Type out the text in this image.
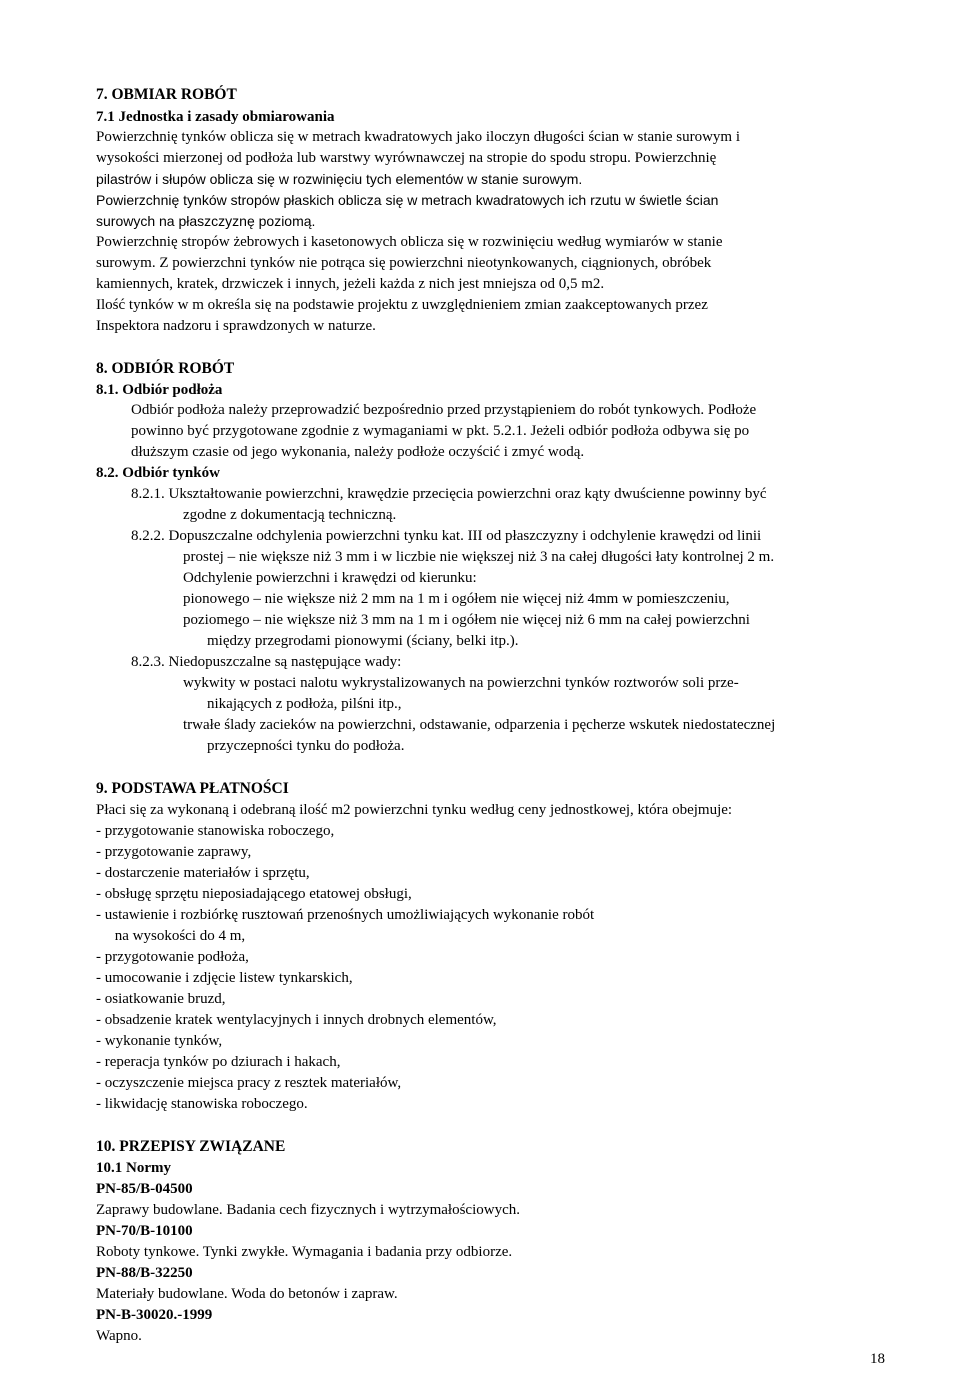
7. OBMIAR ROBÓT
7.1 Jednostka i zasady obmiarowania
Powierzchnię tynków oblicza się w metrach kwadratowych jako iloczyn długości ścian w stanie surowym i
wysokości mierzonej od podłoża lub warstwy wyrównawczej na stropie do spodu stropu. Powierzchnię
pilastrów i słupów oblicza się w rozwinięciu tych elementów w stanie surowym.
Powierzchnię tynków stropów płaskich oblicza się w metrach kwadratowych ich rzutu w świetle ścian
surowych na płaszczyznę poziomą.
Powierzchnię stropów żebrowych i kasetonowych oblicza się w rozwinięciu według wymiarów w stanie
surowym. Z powierzchni tynków nie potrąca się powierzchni nieotynkowanych, ciągnionych, obróbek
kamiennych, kratek, drzwiczek i innych, jeżeli każda z nich jest mniejsza od 0,5 m2.
Ilość tynków w m określa się na podstawie projektu z uwzględnieniem zmian zaakceptowanych przez
Inspektora nadzoru i sprawdzonych w naturze.
8. ODBIÓR ROBÓT
8.1. Odbiór podłoża
Odbiór podłoża należy przeprowadzić bezpośrednio przed przystąpieniem do robót tynkowych. Podłoże
powinno być przygotowane zgodnie z wymaganiami w pkt. 5.2.1. Jeżeli odbiór podłoża odbywa się po
dłuższym czasie od jego wykonania, należy podłoże oczyścić i zmyć wodą.
8.2. Odbiór tynków
8.2.1. Ukształtowanie powierzchni, krawędzie przecięcia powierzchni oraz kąty dwuścienne powinny być
zgodne z dokumentacją techniczną.
8.2.2. Dopuszczalne odchylenia powierzchni tynku kat. III od płaszczyzny i odchylenie krawędzi od linii
prostej – nie większe niż 3 mm i w liczbie nie większej niż 3 na całej długości łaty kontrolnej 2 m.
Odchylenie powierzchni i krawędzi od kierunku:
pionowego – nie większe niż 2 mm na 1 m i ogółem nie więcej niż 4mm w pomieszczeniu,
poziomego – nie większe niż 3 mm na 1 m i ogółem nie więcej niż 6 mm na całej powierzchni
między przegrodami pionowymi (ściany, belki itp.).
8.2.3. Niedopuszczalne są następujące wady:
wykwity w postaci nalotu wykrystalizowanych na powierzchni tynków roztworów soli prze-
nikających z podłoża, pilśni itp.,
trwałe ślady zacieków na powierzchni, odstawanie, odparzenia i pęcherze wskutek niedostatecznej
przyczepności tynku do podłoża.
9. PODSTAWA PŁATNOŚCI
Płaci się za wykonaną i odebraną ilość m2 powierzchni tynku według ceny jednostkowej, która obejmuje:
- przygotowanie stanowiska roboczego,
- przygotowanie zaprawy,
- dostarczenie materiałów i sprzętu,
- obsługę sprzętu nieposiadającego etatowej obsługi,
- ustawienie i rozbiórkę rusztowań przenośnych umożliwiających wykonanie robót
na wysokości do 4 m,
- przygotowanie podłoża,
- umocowanie i zdjęcie listew tynkarskich,
- osiatkowanie bruzd,
- obsadzenie kratek wentylacyjnych i innych drobnych elementów,
- wykonanie tynków,
- reperacja tynków po dziurach i hakach,
- oczyszczenie miejsca pracy z resztek materiałów,
- likwidację stanowiska roboczego.
10. PRZEPISY ZWIĄZANE
10.1 Normy
PN-85/B-04500
Zaprawy budowlane. Badania cech fizycznych i wytrzymałościowych.
PN-70/B-10100
Roboty tynkowe. Tynki zwykłe. Wymagania i badania przy odbiorze.
PN-88/B-32250
Materiały budowlane. Woda do betonów i zapraw.
PN-B-30020.-1999
Wapno.
18
